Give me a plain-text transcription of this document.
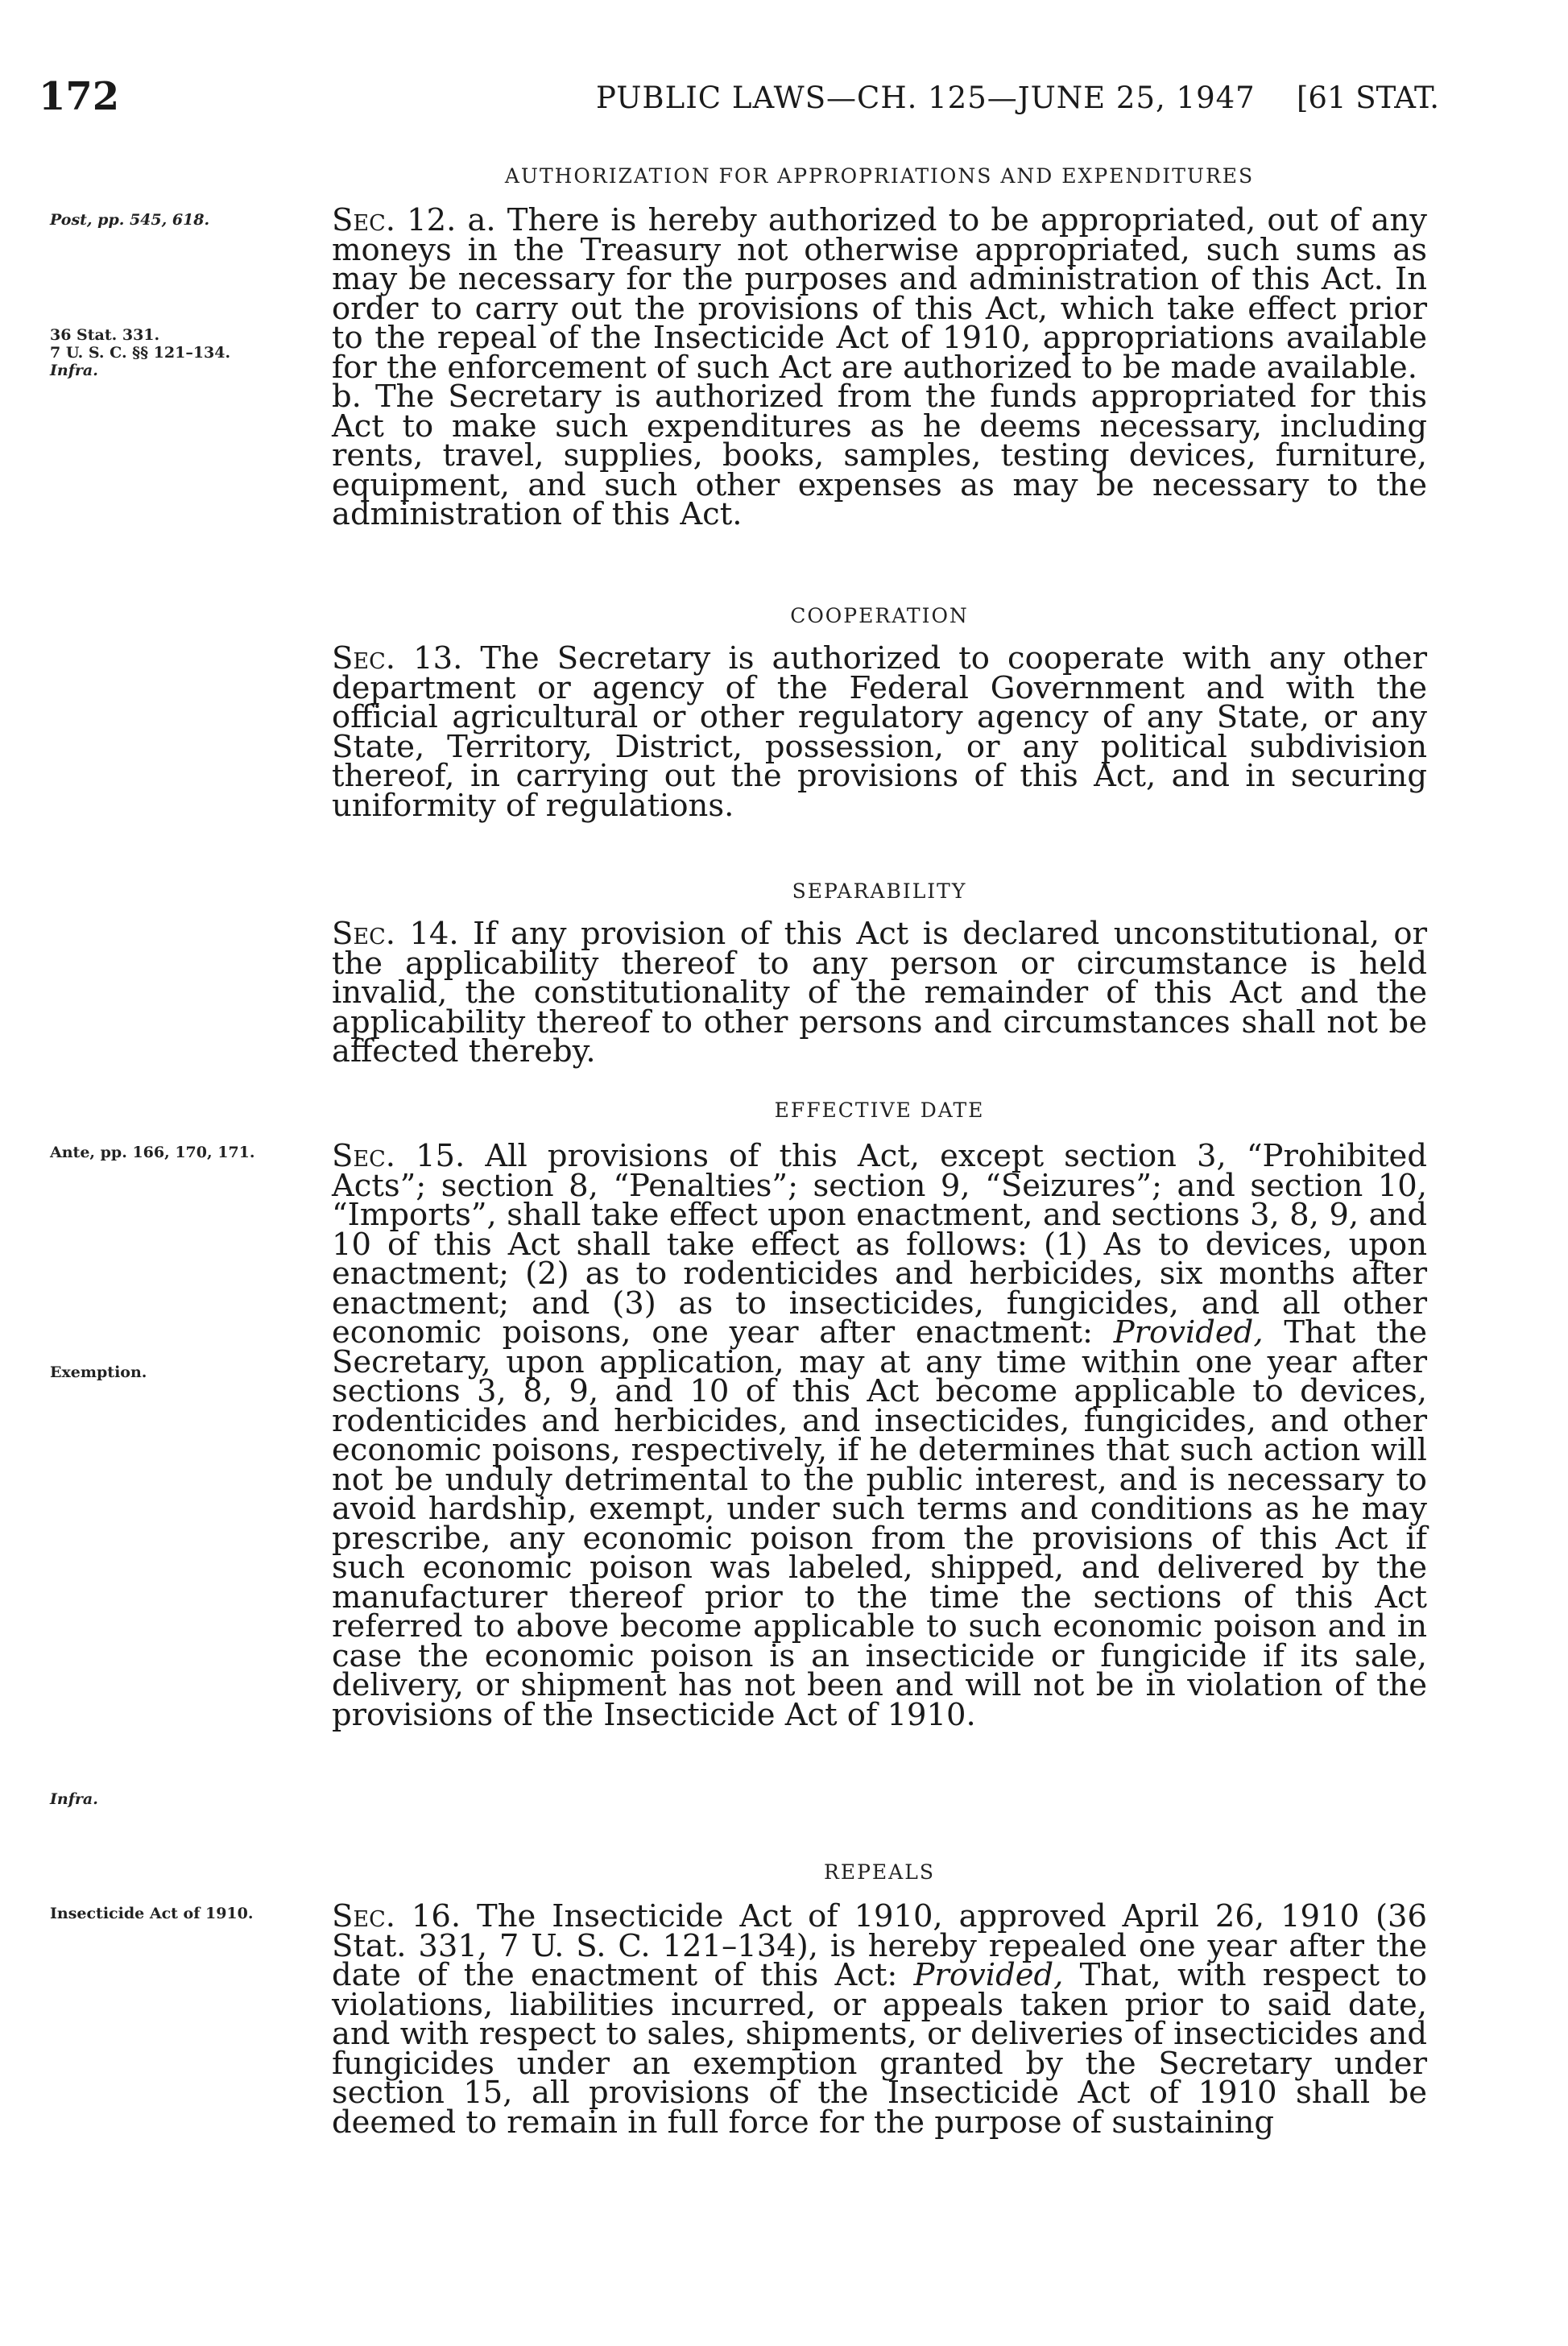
172	PUBLIC LAWS—CH. 125—JUNE 25, 1947 [61 STAT.
AUTHORIZATION FOR APPROPRIATIONS AND EXPENDITURES
Post, pp. 545, 618.
36 Stat. 331.
7 U. S. C. §§ 121–134.
Infra.

Sec. 12. a. There is hereby authorized to be appropriated, out of any moneys in the Treasury not otherwise appropriated, such sums as may be necessary for the purposes and administration of this Act. In order to carry out the provisions of this Act, which take effect prior to the repeal of the Insecticide Act of 1910, appropriations available for the enforcement of such Act are authorized to be made available.

b. The Secretary is authorized from the funds appropriated for this Act to make such expenditures as he deems necessary, including rents, travel, supplies, books, samples, testing devices, furniture, equipment, and such other expenses as may be necessary to the administration of this Act.

COOPERATION

Sec. 13. The Secretary is authorized to cooperate with any other department or agency of the Federal Government and with the official agricultural or other regulatory agency of any State, or any State, Territory, District, possession, or any political subdivision thereof, in carrying out the provisions of this Act, and in securing uniformity of regulations.

SEPARABILITY

Sec. 14. If any provision of this Act is declared unconstitutional, or the applicability thereof to any person or circumstance is held invalid, the constitutionality of the remainder of this Act and the applicability thereof to other persons and circumstances shall not be affected thereby.

EFFECTIVE DATE
Ante, pp. 166, 170, 171.
Exemption.
Infra.

Sec. 15. All provisions of this Act, except section 3, “Prohibited Acts”; section 8, “Penalties”; section 9, “Seizures”; and section 10, “Imports”, shall take effect upon enactment, and sections 3, 8, 9, and 10 of this Act shall take effect as follows: (1) As to devices, upon enactment; (2) as to rodenticides and herbicides, six months after enactment; and (3) as to insecticides, fungicides, and all other economic poisons, one year after enactment: Provided, That the Secretary, upon application, may at any time within one year after sections 3, 8, 9, and 10 of this Act become applicable to devices, rodenticides and herbicides, and insecticides, fungicides, and other economic poisons, respectively, if he determines that such action will not be unduly detrimental to the public interest, and is necessary to avoid hardship, exempt, under such terms and conditions as he may prescribe, any economic poison from the provisions of this Act if such economic poison was labeled, shipped, and delivered by the manufacturer thereof prior to the time the sections of this Act referred to above become applicable to such economic poison and in case the economic poison is an insecticide or fungicide if its sale, delivery, or shipment has not been and will not be in violation of the provisions of the Insecticide Act of 1910.

REPEALS
Insecticide Act of 1910.	Sec. 16. The Insecticide Act of 1910, approved April 26, 1910 (36 Stat. 331, 7 U. S. C. 121–134), is hereby repealed one year after the date of the enactment of this Act: Provided, That, with respect to violations, liabilities incurred, or appeals taken prior to said date, and with respect to sales, shipments, or deliveries of insecticides and fungicides under an exemption granted by the Secretary under section 15, all provisions of the Insecticide Act of 1910 shall be deemed to remain in full force for the purpose of sustaining
